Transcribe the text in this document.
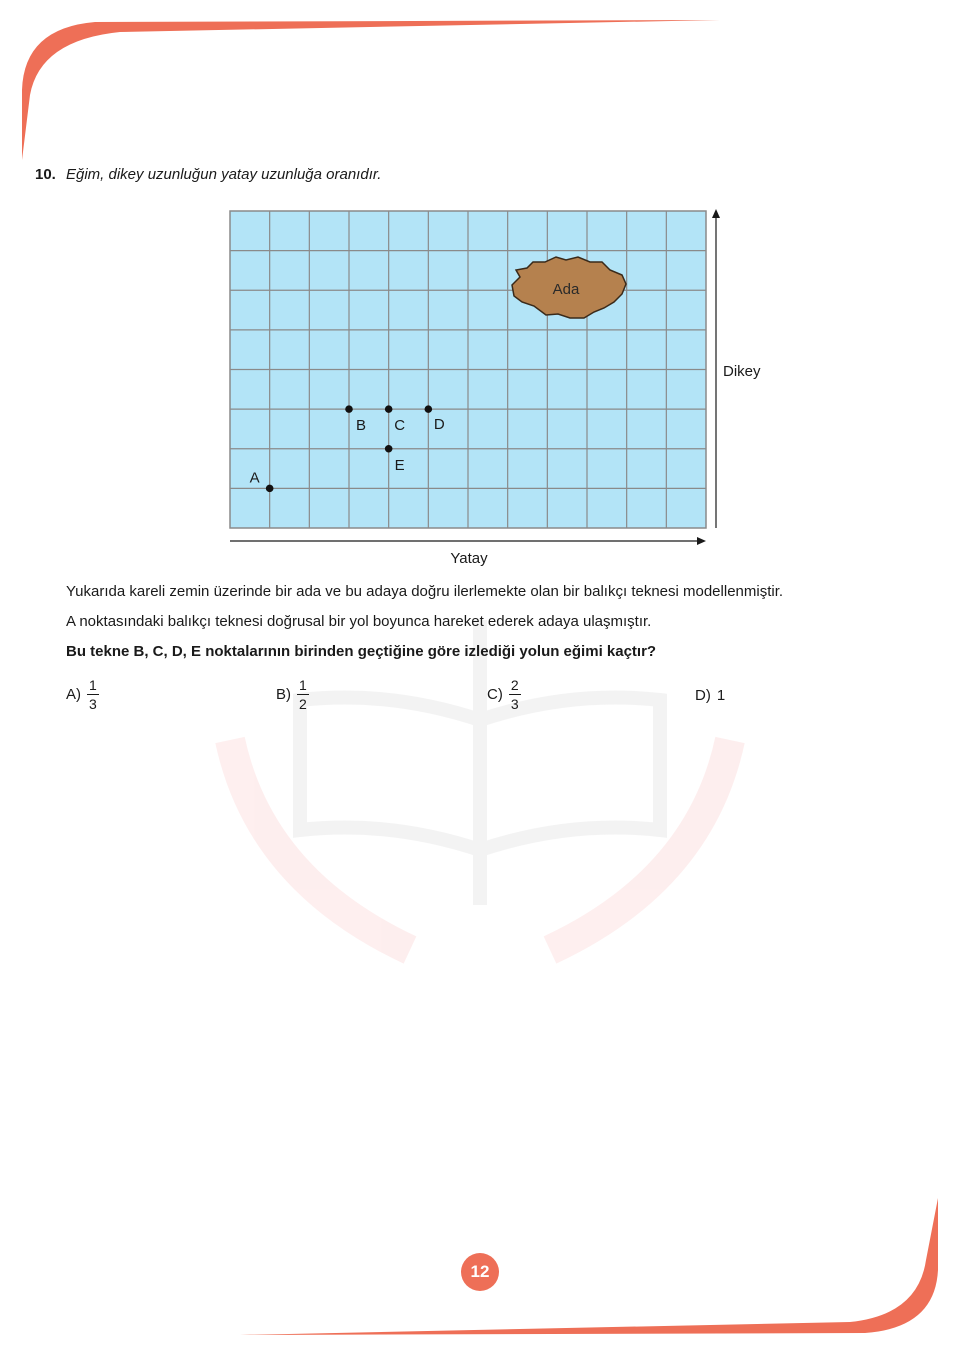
10. Eğim, dikey uzunluğun yatay uzunluğa oranıdır.
Ada
Dikey
Yatay
A
B C D
E
Yukarıda kareli zemin üzerinde bir ada ve bu adaya doğru ilerlemekte olan bir balıkçı teknesi modellenmiştir.
A noktasındaki balıkçı teknesi doğrusal bir yol boyunca hareket ederek adaya ulaşmıştır.
Bu tekne B, C, D, E noktalarının birinden geçtiğine göre izlediği yolun eğimi kaçtır?
$A) \frac{1}{3}$	$B) \frac{1}{2}$	$C) \frac{2}{3}$	D) 1
12
